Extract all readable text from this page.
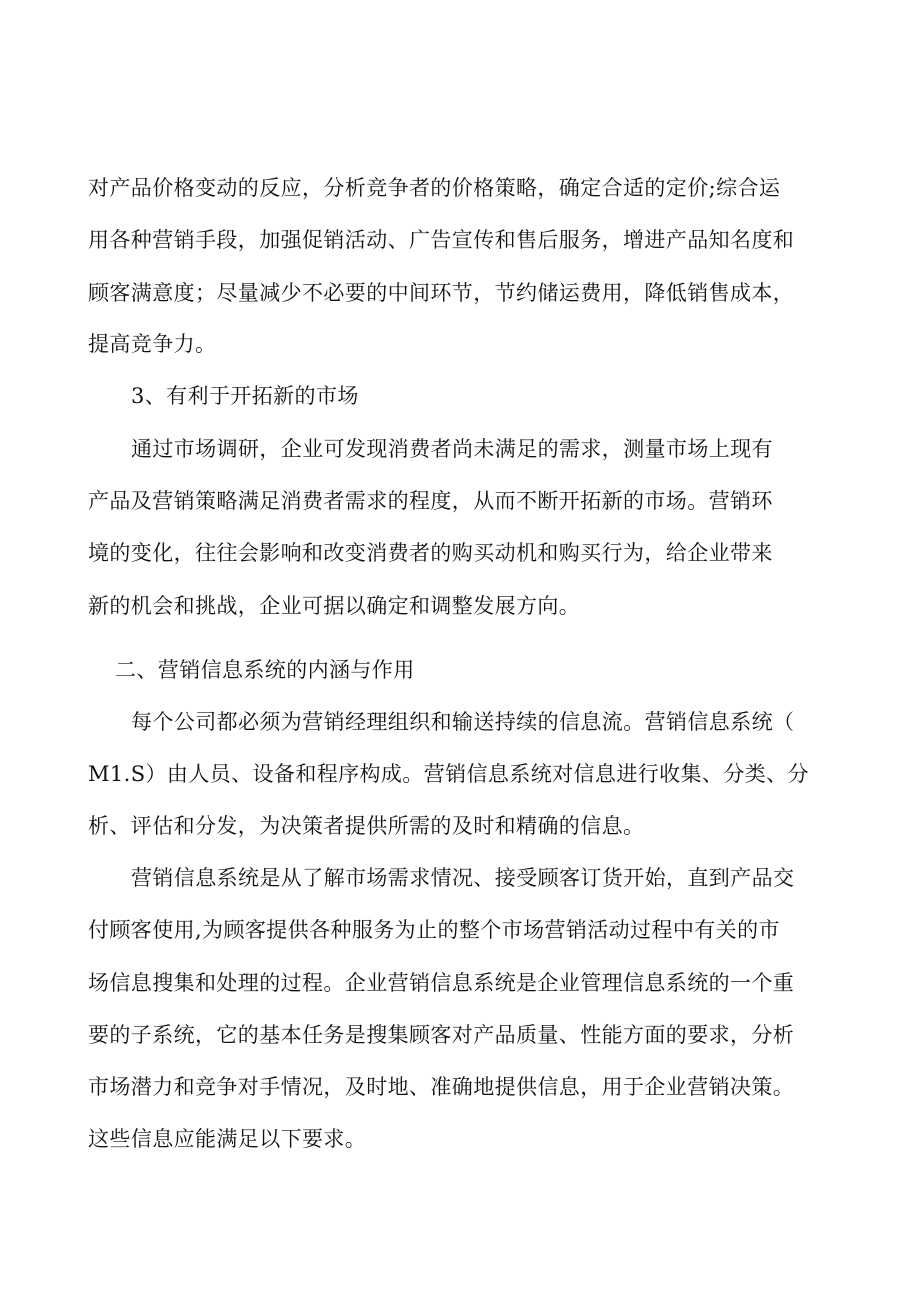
对产品价格变动的反应，分析竞争者的价格策略，确定合适的定价;综合运
用各种营销手段，加强促销活动、广告宣传和售后服务，增进产品知名度和
顾客满意度；尽量减少不必要的中间环节，节约储运费用，降低销售成本，
提高竞争力。
3、有利于开拓新的市场
通过市场调研，企业可发现消费者尚未满足的需求，测量市场上现有
产品及营销策略满足消费者需求的程度，从而不断开拓新的市场。营销环
境的变化，往往会影响和改变消费者的购买动机和购买行为，给企业带来
新的机会和挑战，企业可据以确定和调整发展方向。
二、营销信息系统的内涵与作用
每个公司都必须为营销经理组织和输送持续的信息流。营销信息系统（
M1.S）由人员、设备和程序构成。营销信息系统对信息进行收集、分类、分
析、评估和分发，为决策者提供所需的及时和精确的信息。
营销信息系统是从了解市场需求情况、接受顾客订货开始，直到产品交
付顾客使用,为顾客提供各种服务为止的整个市场营销活动过程中有关的市
场信息搜集和处理的过程。企业营销信息系统是企业管理信息系统的一个重
要的子系统，它的基本任务是搜集顾客对产品质量、性能方面的要求，分析
市场潜力和竞争对手情况，及时地、准确地提供信息，用于企业营销决策。
这些信息应能满足以下要求。
